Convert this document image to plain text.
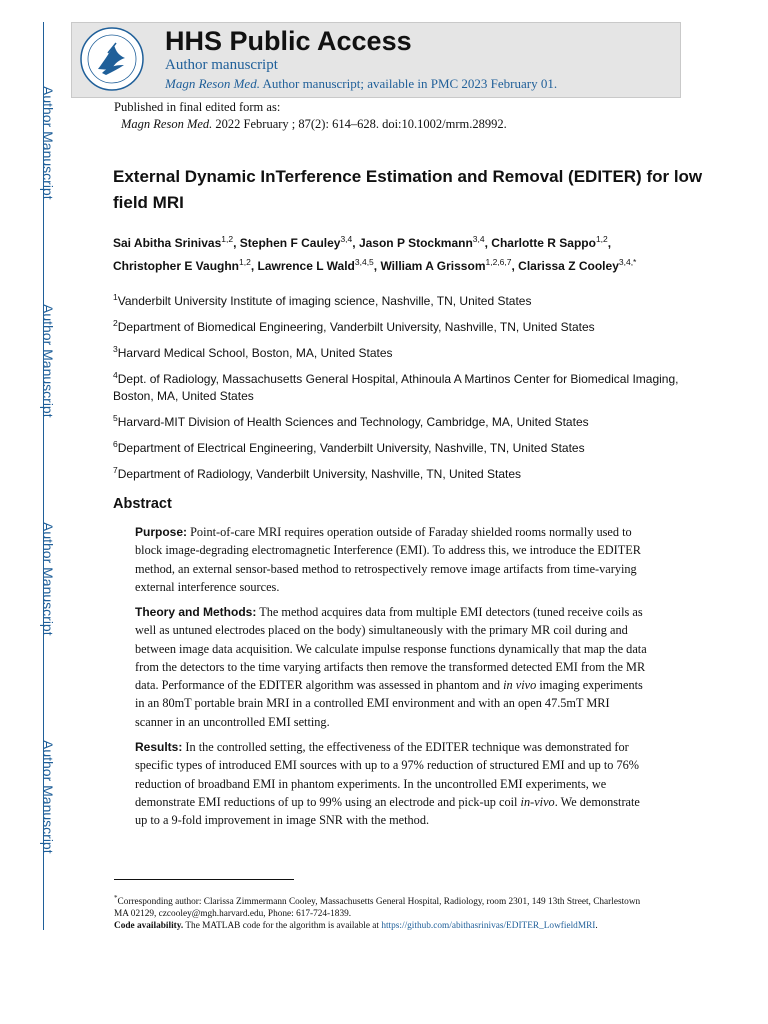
Author Manuscript
Author Manuscript
Author Manuscript
Author Manuscript
HHS Public Access
Author manuscript
Magn Reson Med. Author manuscript; available in PMC 2023 February 01.
Published in final edited form as:
Magn Reson Med. 2022 February ; 87(2): 614–628. doi:10.1002/mrm.28992.
External Dynamic InTerference Estimation and Removal (EDITER) for low field MRI
Sai Abitha Srinivas$^{1,2}$, Stephen F Cauley$^{3,4}$, Jason P Stockmann$^{3,4}$, Charlotte R Sappo$^{1,2}$, Christopher E Vaughn$^{1,2}$, Lawrence L Wald$^{3,4,5}$, William A Grissom$^{1,2,6,7}$, Clarissa Z Cooley$^{3,4,*}$
$^1$Vanderbilt University Institute of imaging science, Nashville, TN, United States
$^2$Department of Biomedical Engineering, Vanderbilt University, Nashville, TN, United States
$^3$Harvard Medical School, Boston, MA, United States
$^4$Dept. of Radiology, Massachusetts General Hospital, Athinoula A Martinos Center for Biomedical Imaging, Boston, MA, United States
$^5$Harvard-MIT Division of Health Sciences and Technology, Cambridge, MA, United States
$^6$Department of Electrical Engineering, Vanderbilt University, Nashville, TN, United States
$^7$Department of Radiology, Vanderbilt University, Nashville, TN, United States
Abstract
Purpose: Point-of-care MRI requires operation outside of Faraday shielded rooms normally used to block image-degrading electromagnetic Interference (EMI). To address this, we introduce the EDITER method, an external sensor-based method to retrospectively remove image artifacts from time-varying external interference sources.
Theory and Methods: The method acquires data from multiple EMI detectors (tuned receive coils as well as untuned electrodes placed on the body) simultaneously with the primary MR coil during and between image data acquisition. We calculate impulse response functions dynamically that map the data from the detectors to the time varying artifacts then remove the transformed detected EMI from the MR data. Performance of the EDITER algorithm was assessed in phantom and in vivo imaging experiments in an 80mT portable brain MRI in a controlled EMI environment and with an open 47.5mT MRI scanner in an uncontrolled EMI setting.
Results: In the controlled setting, the effectiveness of the EDITER technique was demonstrated for specific types of introduced EMI sources with up to a 97% reduction of structured EMI and up to 76% reduction of broadband EMI in phantom experiments. In the uncontrolled EMI experiments, we demonstrate EMI reductions of up to 99% using an electrode and pick-up coil in-vivo. We demonstrate up to a 9-fold improvement in image SNR with the method.
*Corresponding author: Clarissa Zimmermann Cooley, Massachusetts General Hospital, Radiology, room 2301, 149 13th Street, Charlestown MA 02129, czcooley@mgh.harvard.edu, Phone: 617-724-1839.
Code availability. The MATLAB code for the algorithm is available at https://github.com/abithasrinivas/EDITER_LowfieldMRI.
